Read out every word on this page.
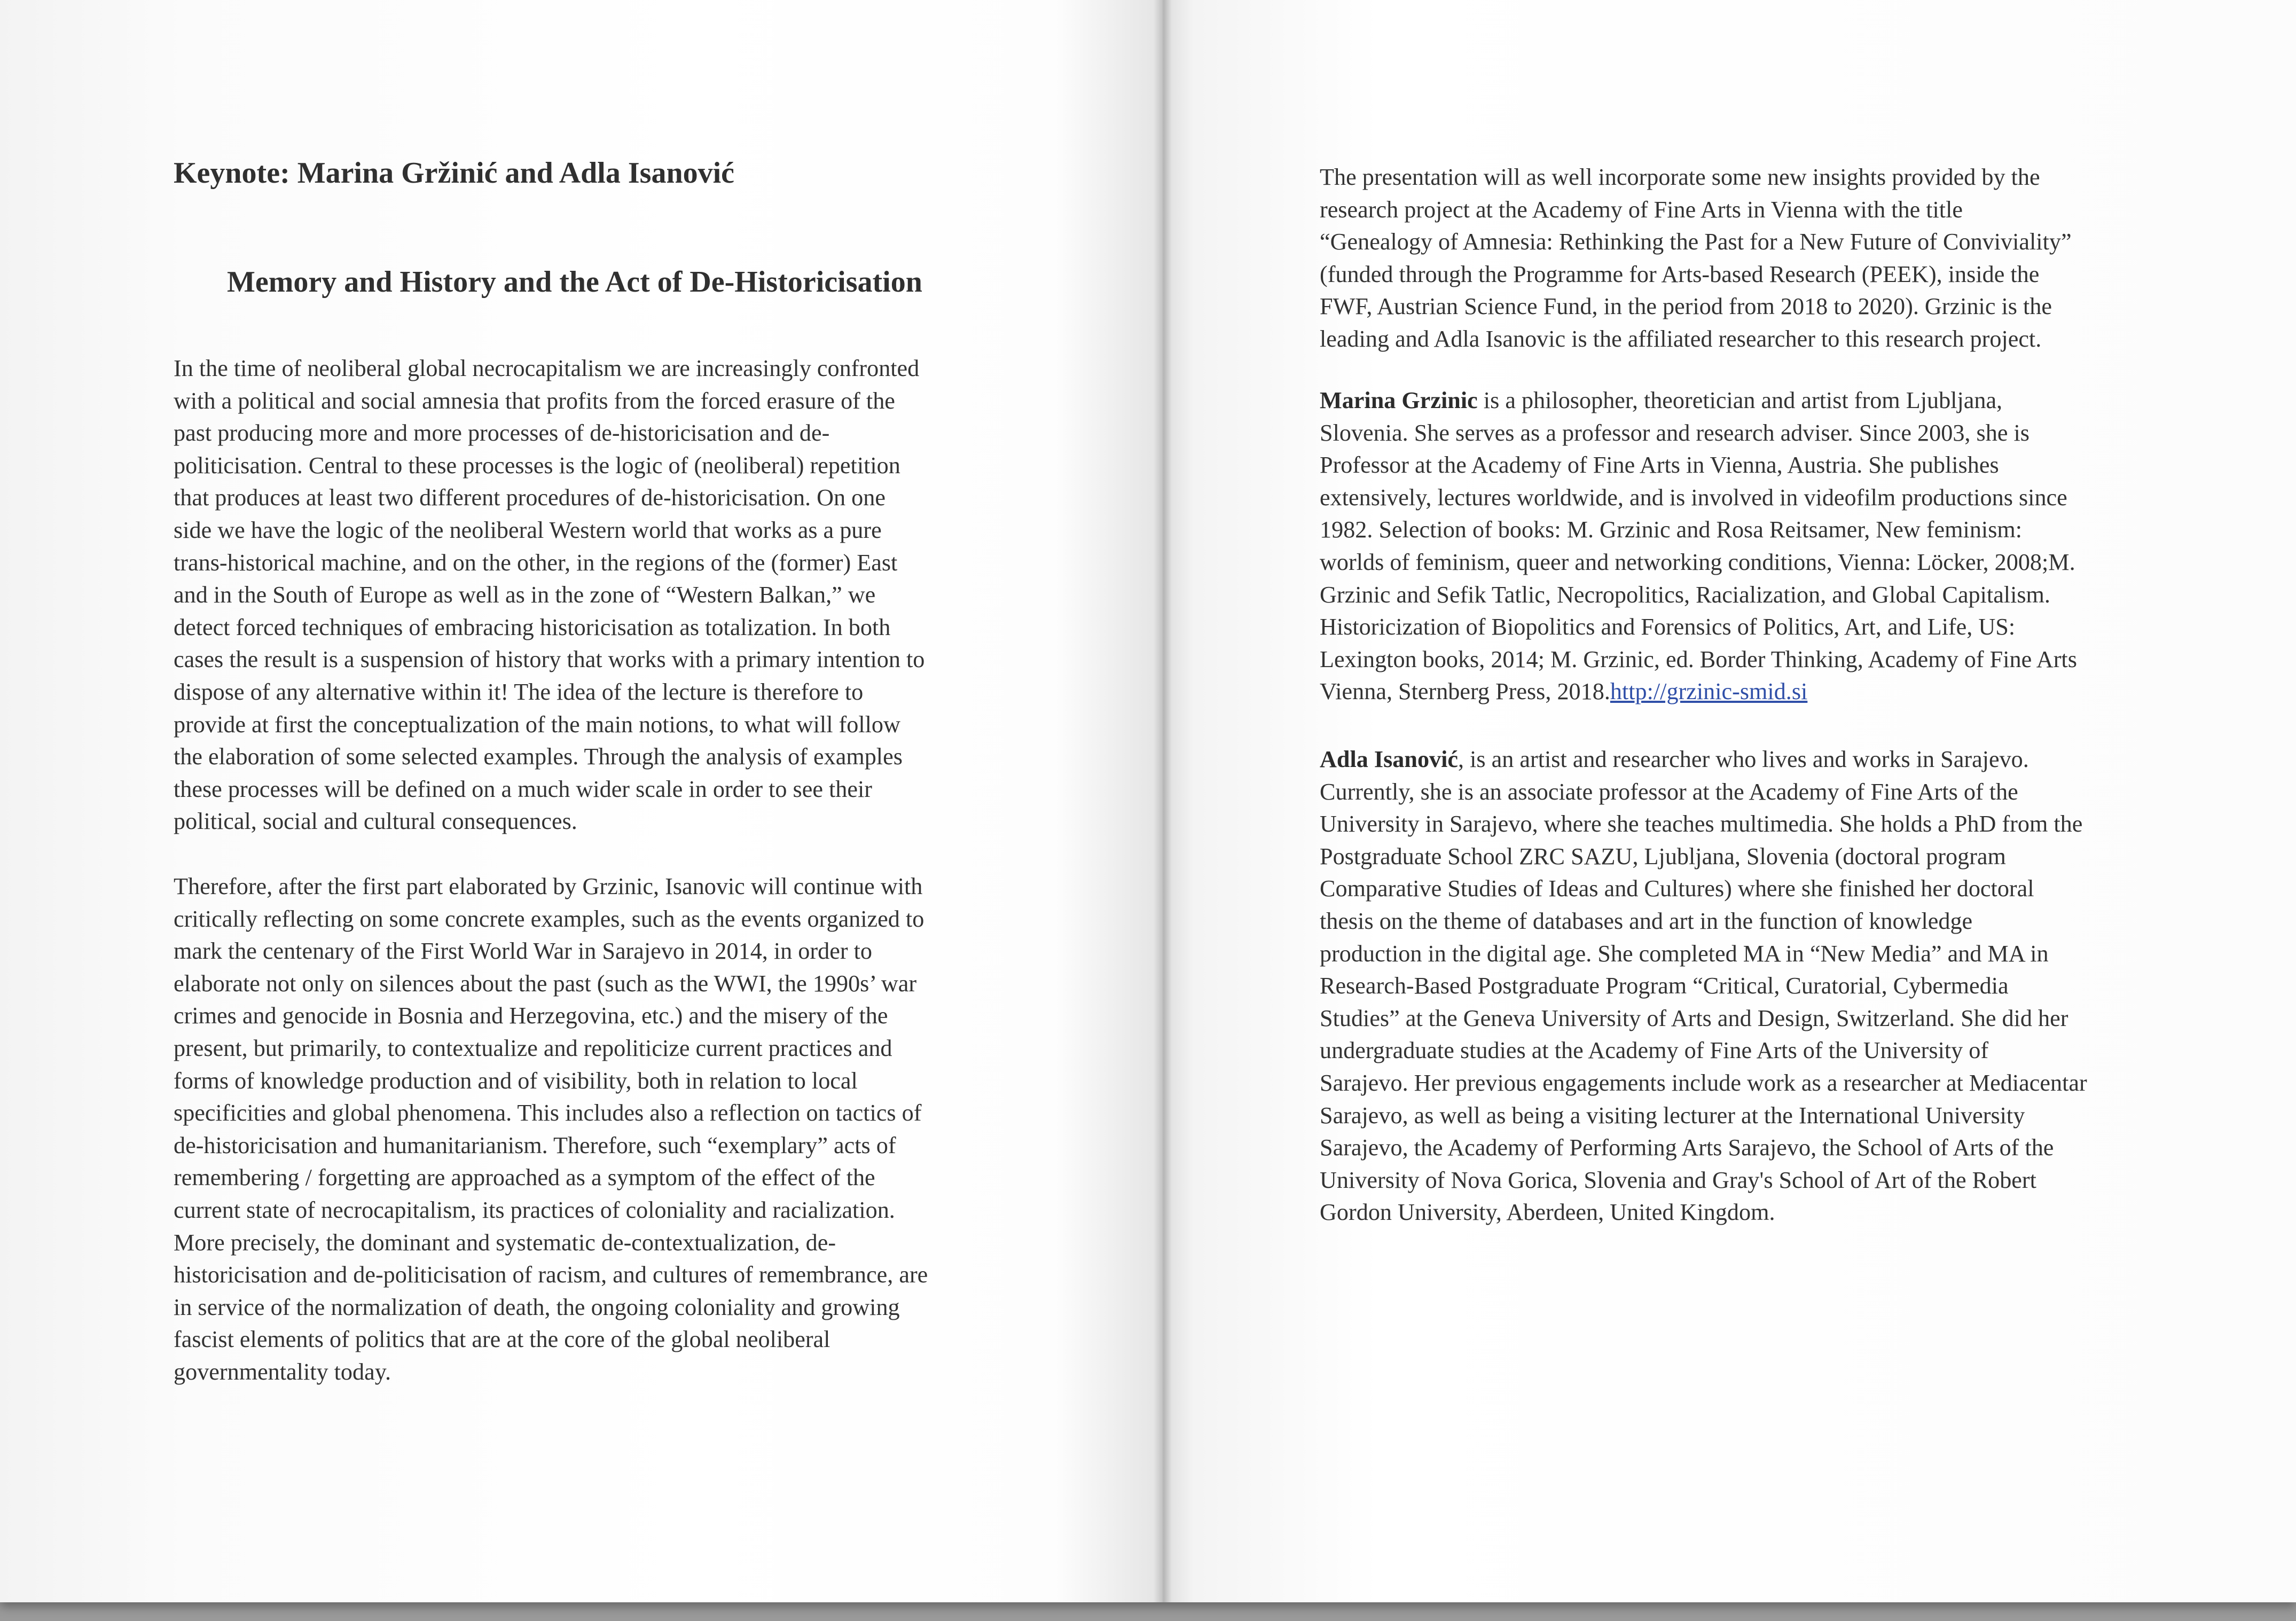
Keynote: Marina Gržinić and Adla Isanović
Memory and History and the Act of De-Historicisation

In the time of neoliberal global necrocapitalism we are increasingly confronted
with a political and social amnesia that profits from the forced erasure of the
past producing more and more processes of de-historicisation and de-
politicisation. Central to these processes is the logic of (neoliberal) repetition
that produces at least two different procedures of de-historicisation. On one
side we have the logic of the neoliberal Western world that works as a pure
trans-historical machine, and on the other, in the regions of the (former) East
and in the South of Europe as well as in the zone of “Western Balkan,” we
detect forced techniques of embracing historicisation as totalization. In both
cases the result is a suspension of history that works with a primary intention to
dispose of any alternative within it! The idea of the lecture is therefore to
provide at first the conceptualization of the main notions, to what will follow
the elaboration of some selected examples. Through the analysis of examples
these processes will be defined on a much wider scale in order to see their
political, social and cultural consequences.

Therefore, after the first part elaborated by Grzinic, Isanovic will continue with
critically reflecting on some concrete examples, such as the events organized to
mark the centenary of the First World War in Sarajevo in 2014, in order to
elaborate not only on silences about the past (such as the WWI, the 1990s’ war
crimes and genocide in Bosnia and Herzegovina, etc.) and the misery of the
present, but primarily, to contextualize and repoliticize current practices and
forms of knowledge production and of visibility, both in relation to local
specificities and global phenomena. This includes also a reflection on tactics of
de-historicisation and humanitarianism. Therefore, such “exemplary” acts of
remembering / forgetting are approached as a symptom of the effect of the
current state of necrocapitalism, its practices of coloniality and racialization.
More precisely, the dominant and systematic de-contextualization, de-
historicisation and de-politicisation of racism, and cultures of remembrance, are
in service of the normalization of death, the ongoing coloniality and growing
fascist elements of politics that are at the core of the global neoliberal
governmentality today.

The presentation will as well incorporate some new insights provided by the
research project at the Academy of Fine Arts in Vienna with the title
“Genealogy of Amnesia: Rethinking the Past for a New Future of Conviviality”
(funded through the Programme for Arts-based Research (PEEK), inside the
FWF, Austrian Science Fund, in the period from 2018 to 2020). Grzinic is the
leading and Adla Isanovic is the affiliated researcher to this research project.

Marina Grzinic is a philosopher, theoretician and artist from Ljubljana,
Slovenia. She serves as a professor and research adviser. Since 2003, she is
Professor at the Academy of Fine Arts in Vienna, Austria. She publishes
extensively, lectures worldwide, and is involved in videofilm productions since
1982. Selection of books: M. Grzinic and Rosa Reitsamer, New feminism:
worlds of feminism, queer and networking conditions, Vienna: Löcker, 2008;M.
Grzinic and Sefik Tatlic, Necropolitics, Racialization, and Global Capitalism.
Historicization of Biopolitics and Forensics of Politics, Art, and Life, US:
Lexington books, 2014; M. Grzinic, ed. Border Thinking, Academy of Fine Arts
Vienna, Sternberg Press, 2018.http://grzinic-smid.si

Adla Isanović, is an artist and researcher who lives and works in Sarajevo.
Currently, she is an associate professor at the Academy of Fine Arts of the
University in Sarajevo, where she teaches multimedia. She holds a PhD from the
Postgraduate School ZRC SAZU, Ljubljana, Slovenia (doctoral program
Comparative Studies of Ideas and Cultures) where she finished her doctoral
thesis on the theme of databases and art in the function of knowledge
production in the digital age. She completed MA in “New Media” and MA in
Research-Based Postgraduate Program “Critical, Curatorial, Cybermedia
Studies” at the Geneva University of Arts and Design, Switzerland. She did her
undergraduate studies at the Academy of Fine Arts of the University of
Sarajevo. Her previous engagements include work as a researcher at Mediacentar
Sarajevo, as well as being a visiting lecturer at the International University
Sarajevo, the Academy of Performing Arts Sarajevo, the School of Arts of the
University of Nova Gorica, Slovenia and Gray's School of Art of the Robert
Gordon University, Aberdeen, United Kingdom.
